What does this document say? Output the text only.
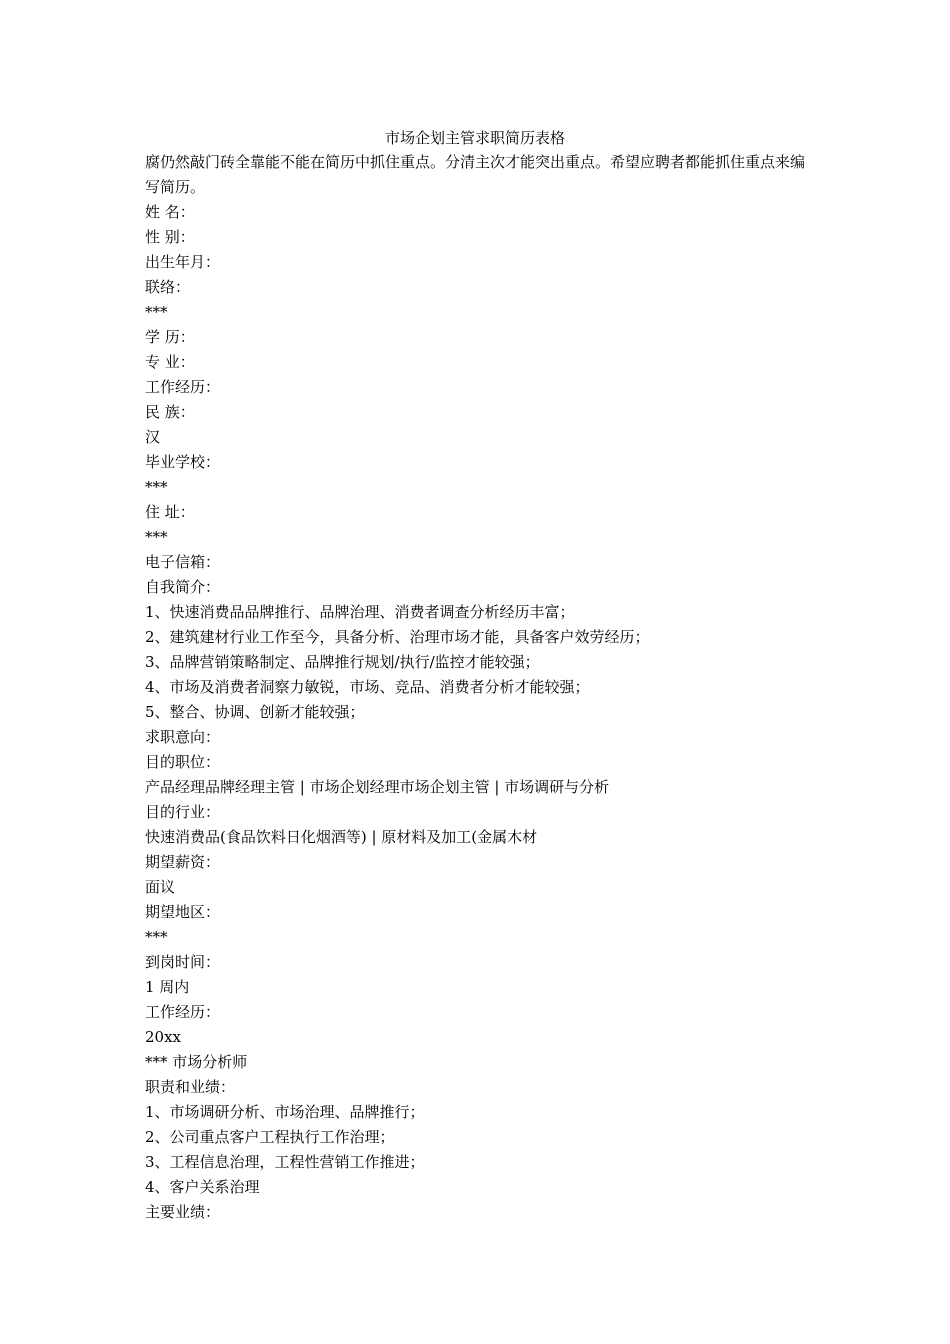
市场企划主管求职简历表格

腐仍然敲门砖全靠能不能在简历中抓住重点。分清主次才能突出重点。希望应聘者都能抓住重点来编写简历。

姓 名：
性 别：
出生年月：
联络：
***
学 历：
专 业：
工作经历：
民 族：
汉
毕业学校：
***
住 址：
***
电子信箱：
自我简介：
1、快速消费品品牌推行、品牌治理、消费者调查分析经历丰富；
2、建筑建材行业工作至今，具备分析、治理市场才能，具备客户效劳经历；
3、品牌营销策略制定、品牌推行规划/执行/监控才能较强；
4、市场及消费者洞察力敏锐，市场、竞品、消费者分析才能较强；
5、整合、协调、创新才能较强；
求职意向：
目的职位：
产品经理品牌经理主管 | 市场企划经理市场企划主管 | 市场调研与分析
目的行业：
快速消费品(食品饮料日化烟酒等) | 原材料及加工(金属木材
期望薪资：
面议
期望地区：
***
到岗时间：
1 周内
工作经历：
20xx
*** 市场分析师
职责和业绩：
1、市场调研分析、市场治理、品牌推行；
2、公司重点客户工程执行工作治理；
3、工程信息治理，工程性营销工作推进；
4、客户关系治理
主要业绩：
